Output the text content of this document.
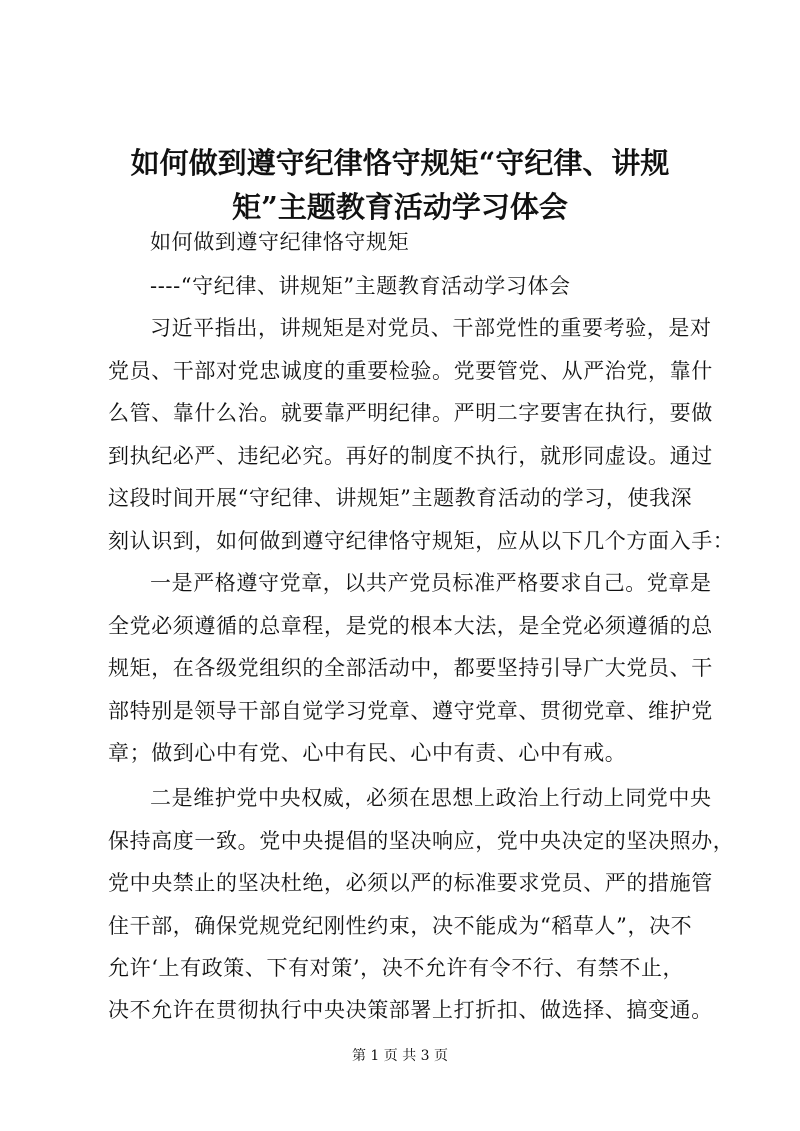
如何做到遵守纪律恪守规矩“守纪律、讲规
矩”主题教育活动学习体会
如何做到遵守纪律恪守规矩
----“守纪律、讲规矩”主题教育活动学习体会
习近平指出，讲规矩是对党员、干部党性的重要考验，是对
党员、干部对党忠诚度的重要检验。党要管党、从严治党，靠什
么管、靠什么治。就要靠严明纪律。严明二字要害在执行，要做
到执纪必严、违纪必究。再好的制度不执行，就形同虚设。通过
这段时间开展“守纪律、讲规矩”主题教育活动的学习，使我深
刻认识到，如何做到遵守纪律恪守规矩，应从以下几个方面入手：
一是严格遵守党章，以共产党员标准严格要求自己。党章是
全党必须遵循的总章程，是党的根本大法，是全党必须遵循的总
规矩，在各级党组织的全部活动中，都要坚持引导广大党员、干
部特别是领导干部自觉学习党章、遵守党章、贯彻党章、维护党
章；做到心中有党、心中有民、心中有责、心中有戒。
二是维护党中央权威，必须在思想上政治上行动上同党中央
保持高度一致。党中央提倡的坚决响应，党中央决定的坚决照办，
党中央禁止的坚决杜绝，必须以严的标准要求党员、严的措施管
住干部，确保党规党纪刚性约束，决不能成为“稻草人”，决不
允许‘上有政策、下有对策’，决不允许有令不行、有禁不止，
决不允许在贯彻执行中央决策部署上打折扣、做选择、搞变通。
第 1 页 共 3 页
